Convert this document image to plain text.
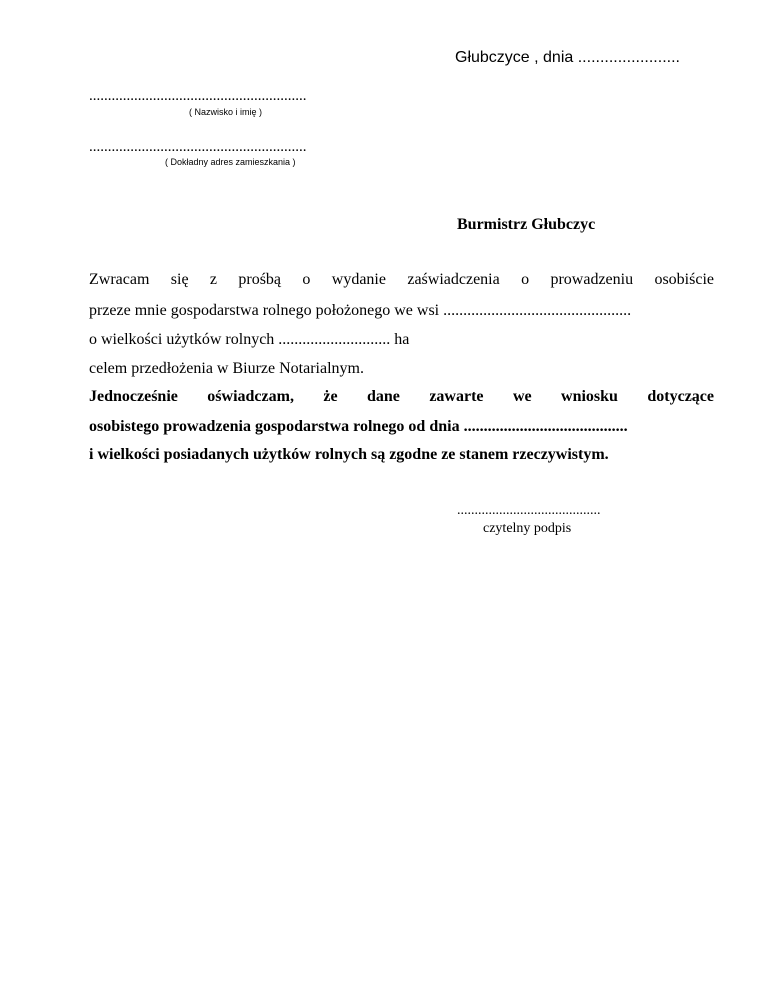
Głubczyce , dnia .......................
..........................................................
( Nazwisko i imię )
..........................................................
( Dokładny adres zamieszkania )
Burmistrz Głubczyc
Zwracam się z prośbą o wydanie zaświadczenia o prowadzeniu osobiście
przeze mnie gospodarstwa rolnego położonego we wsi ...............................................
o wielkości użytków rolnych ............................ ha
celem przedłożenia w Biurze Notarialnym.
Jednocześnie oświadczam, że dane zawarte we wniosku dotyczące
osobistego prowadzenia gospodarstwa rolnego od dnia .........................................
i wielkości posiadanych użytków rolnych są zgodne ze stanem rzeczywistym.
.........................................
czytelny podpis
